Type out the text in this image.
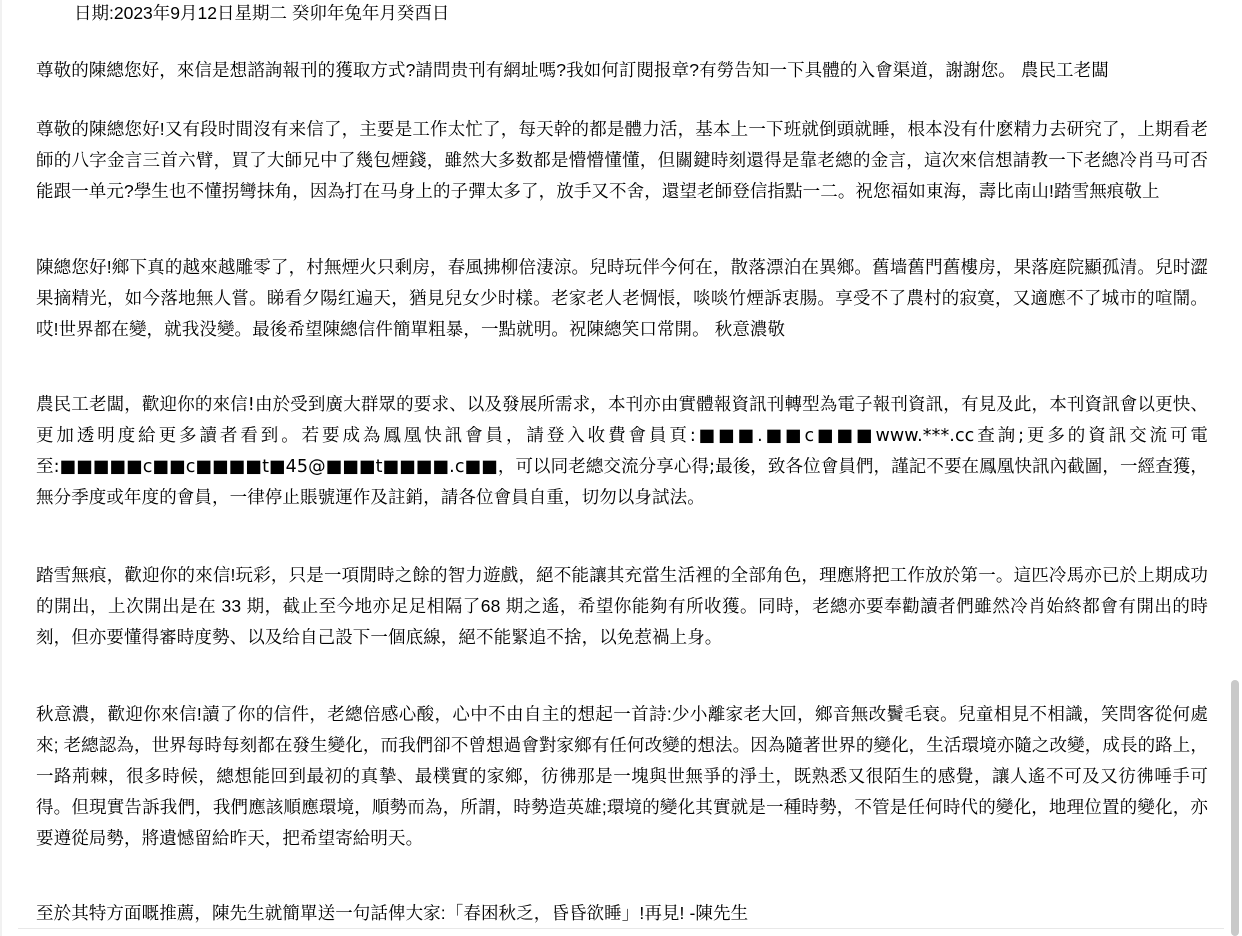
日期:2023年9月12日星期二 癸卯年兔年月癸酉日

尊敬的陳總您好，來信是想諮詢報刊的獲取方式?請問贵刊有網址嗎?我如何訂閱报章?有勞告知一下具體的入會渠道，謝謝您。 農民工老闆

尊敬的陳總您好!又有段时間沒有来信了，主要是工作太忙了，每天幹的都是體力活，基本上一下班就倒頭就睡，根本没有什麽精力去研究了，上期看老師的八字金言三首六臂，買了大師兄中了幾包煙錢，雖然大多数都是懵懵懂懂，但關鍵時刻還得是靠老總的金言，這次來信想請教一下老總冷肖马可否能跟一单元?學生也不懂拐彎抹角，因為打在马身上的子彈太多了，放手又不舍，還望老師登信指點一二。祝您福如東海，壽比南山!踏雪無痕敬上

陳總您好!鄉下真的越來越雕零了，村無煙火只剩房，春風拂柳倍淒涼。兒時玩伴今何在，散落漂泊在異鄉。舊墙舊門舊樓房，果落庭院顯孤清。兒时澀果摘精光，如今落地無人嘗。睇看夕陽红遍天，猶見兒女少时樣。老家老人老惆悵，啖啖竹煙訴衷腸。享受不了農村的寂寞，又適應不了城市的喧鬧。哎!世界都在變，就我没變。最後希望陳總信件簡單粗暴，一點就明。祝陳總笑口常開。 秋意濃敬

農民工老闆，歡迎你的來信!由於受到廣大群眾的要求、以及發展所需求，本刊亦由實體報資訊刊轉型為電子報刊資訊，有見及此，本刊資訊會以更快、更加透明度給更多讀者看到。若要成為鳳凰快訊會員，請登入收費會員頁:■■■.■■c■■■www.***.cc查詢;更多的資訊交流可電至:■■■■■c■■c■■■■t■45@■■■t■■■■.c■■，可以同老總交流分享心得;最後，致各位會員們，謹記不要在鳳凰快訊內截圖，一經查獲，無分季度或年度的會員，一律停止賬號運作及註銷，請各位會員自重，切勿以身試法。

踏雪無痕，歡迎你的來信!玩彩，只是一項閒時之餘的智力遊戲，絕不能讓其充當生活裡的全部角色，理應將把工作放於第一。這匹冷馬亦已於上期成功的開出，上次開出是在 33 期，截止至今地亦足足相隔了68 期之遙，希望你能夠有所收獲。同時，老總亦要奉勸讀者們雖然冷肖始終都會有開出的時刻，但亦要懂得審時度勢、以及给自己設下一個底線，絕不能緊追不捨，以免惹禍上身。

秋意濃，歡迎你來信!讀了你的信件，老總倍感心酸，心中不由自主的想起一首詩:少小離家老大回，鄉音無改鬢毛衰。兒童相見不相識，笑問客從何處來; 老總認為，世界每時每刻都在發生變化，而我們卻不曾想過會對家鄉有任何改變的想法。因為隨著世界的變化，生活環境亦隨之改變，成長的路上，一路荊棘，很多時候，總想能回到最初的真摯、最樸實的家鄉，彷彿那是一塊與世無爭的淨土，既熟悉又很陌生的感覺，讓人遙不可及又彷彿唾手可得。但現實告訴我們，我們應該順應環境，順勢而為，所謂，時勢造英雄;環境的變化其實就是一種時勢，不管是任何時代的變化，地理位置的變化，亦要遵從局勢，將遺憾留給昨天，把希望寄給明天。

至於其特方面嘅推薦，陳先生就簡單送一句話俾大家:「春困秋乏，昏昏欲睡」!再見! -陳先生
